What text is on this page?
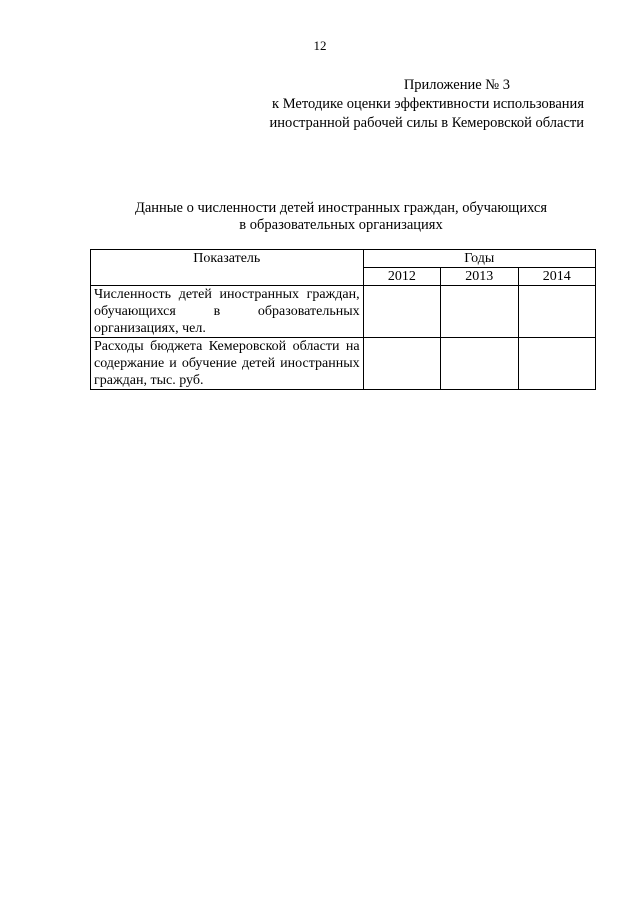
12
Приложение № 3
к Методике оценки эффективности использования
иностранной рабочей силы в Кемеровской области
Данные о численности детей иностранных граждан, обучающихся
в образовательных организациях
Показатель	Годы		
	2012	2013	2014
Численность детей иностранных граждан, обучающихся в образовательных организациях, чел.			
Расходы бюджета Кемеровской области на содержание и обучение детей иностранных граждан, тыс. руб.			
